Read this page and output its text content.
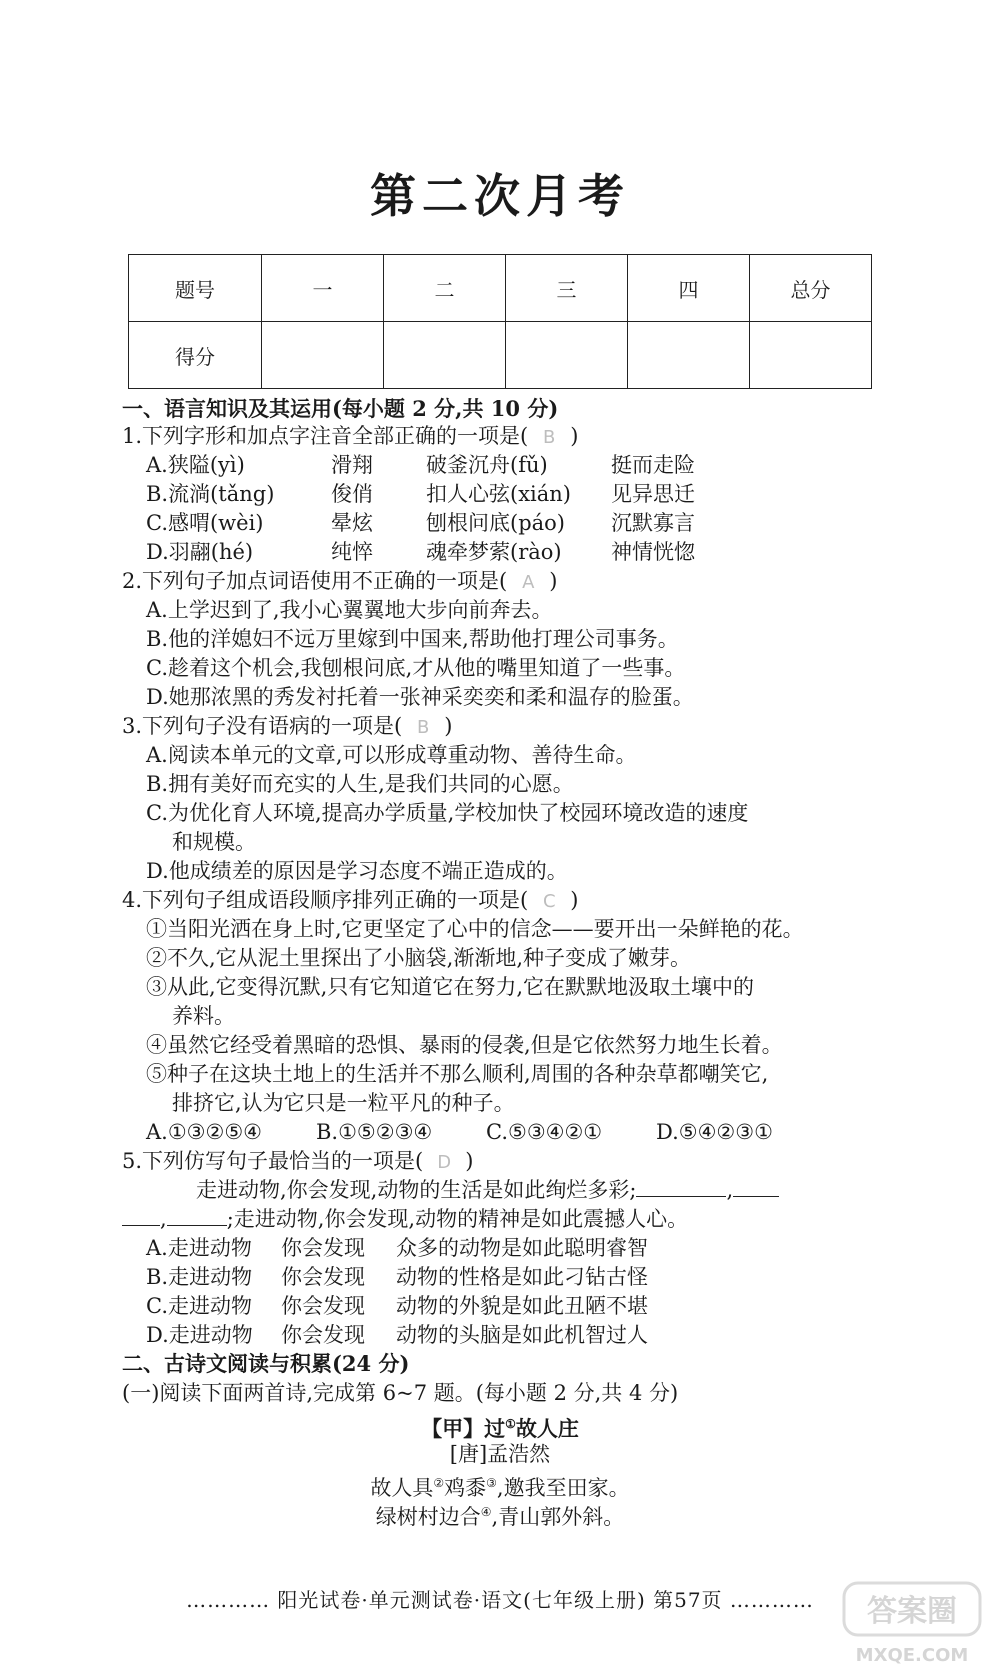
第二次月考
题号	一	二	三	四	总分
得分					
一、语言知识及其运用(每小题 2 分,共 10 分)
1.下列字形和加点字注音全部正确的一项是( B )
A.狭隘(yì)	滑翔	破釜沉舟(fǔ)	挺而走险
B.流淌(tǎng)	俊俏	扣人心弦(xián) 见异思迁
C.感喟(wèi)	晕炫	刨根问底(páo) 沉默寡言
D.羽翮(hé)	纯悴	魂牵梦萦(rào) 神情恍惚
2.下列句子加点词语使用不正确的一项是( A )
A.上学迟到了,我小心翼翼地大步向前奔去。
B.他的洋媳妇不远万里嫁到中国来,帮助他打理公司事务。
C.趁着这个机会,我刨根问底,才从他的嘴里知道了一些事。
D.她那浓黑的秀发衬托着一张神采奕奕和柔和温存的脸蛋。
3.下列句子没有语病的一项是( B )
A.阅读本单元的文章,可以形成尊重动物、善待生命。
B.拥有美好而充实的人生,是我们共同的心愿。
C.为优化育人环境,提高办学质量,学校加快了校园环境改造的速度
和规模。
D.他成绩差的原因是学习态度不端正造成的。
4.下列句子组成语段顺序排列正确的一项是( C )
①当阳光洒在身上时,它更坚定了心中的信念——要开出一朵鲜艳的花。
②不久,它从泥土里探出了小脑袋,渐渐地,种子变成了嫩芽。
③从此,它变得沉默,只有它知道它在努力,它在默默地汲取土壤中的
养料。
④虽然它经受着黑暗的恐惧、暴雨的侵袭,但是它依然努力地生长着。
⑤种子在这块土地上的生活并不那么顺利,周围的各种杂草都嘲笑它,
排挤它,认为它只是一粒平凡的种子。
A.①③②⑤④	B.①⑤②③④	C.⑤③④②①	D.⑤④②③①
5.下列仿写句子最恰当的一项是( D )
走进动物,你会发现,动物的生活是如此绚烂多彩;	,
,	;走进动物,你会发现,动物的精神是如此震撼人心。
A.走进动物 你会发现 众多的动物是如此聪明睿智
B.走进动物 你会发现 动物的性格是如此刁钻古怪
C.走进动物 你会发现 动物的外貌是如此丑陋不堪
D.走进动物 你会发现 动物的头脑是如此机智过人
二、古诗文阅读与积累(24 分)
(一)阅读下面两首诗,完成第 6~7 题。(每小题 2 分,共 4 分)
【甲】过①故人庄
[唐]孟浩然
故人具②鸡黍③,邀我至田家。
绿树村边合④,青山郭外斜。
………… 阳光试卷·单元测试卷·语文(七年级上册) 第57页 …………	答案圈
MXQE.COM
